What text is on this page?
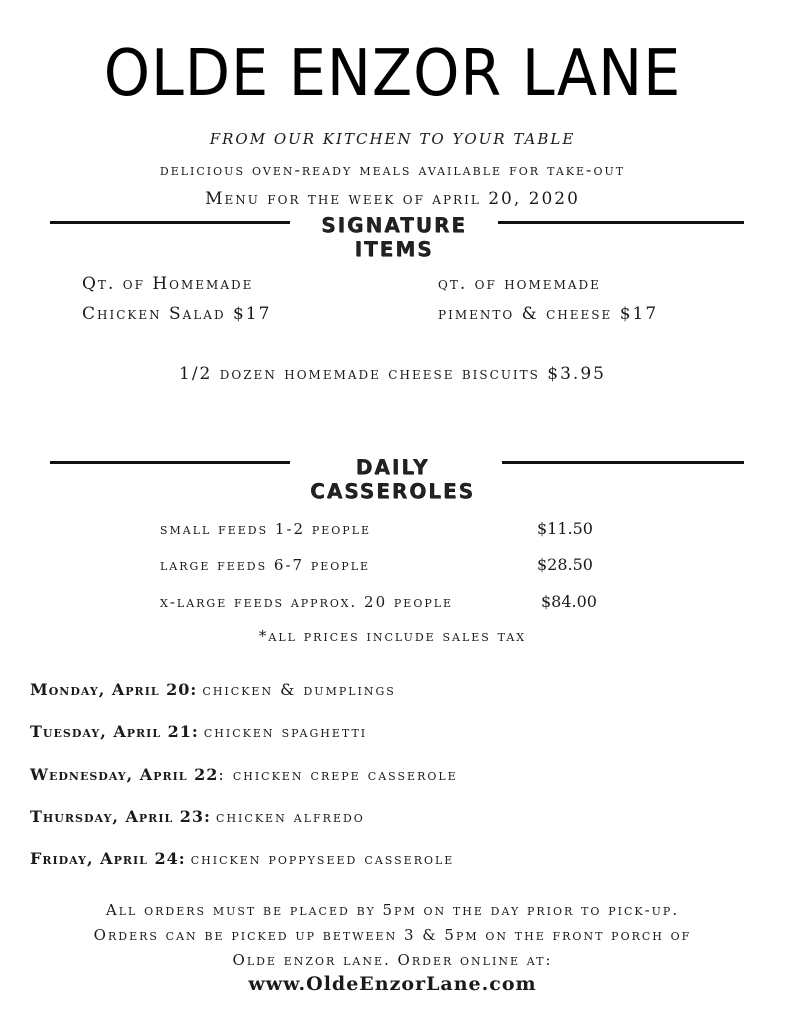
OLDE ENZOR LANE
FROM OUR KITCHEN TO YOUR TABLE
delicious oven-ready meals available for take-out
Menu for the week of april 20, 2020
SIGNATURE
ITEMS
Qt. of Homemade
Chicken Salad $17
qt. of homemade
pimento & cheese $17
1/2 dozen homemade cheese biscuits $3.95
DAILY
CASSEROLES
small feeds 1-2 people	$11.50
large feeds 6-7 people	$28.50
x-large feeds approx. 20 people	$84.00
*all prices include sales tax
Monday, April 20: chicken & dumplings
Tuesday, April 21: chicken spaghetti
Wednesday, April 22: chicken crepe casserole
Thursday, April 23: chicken alfredo
Friday, April 24: chicken poppyseed casserole
All orders must be placed by 5pm on the day prior to pick-up.
Orders can be picked up between 3 & 5pm on the front porch of
Olde enzor lane. Order online at:
www.OldeEnzorLane.com
